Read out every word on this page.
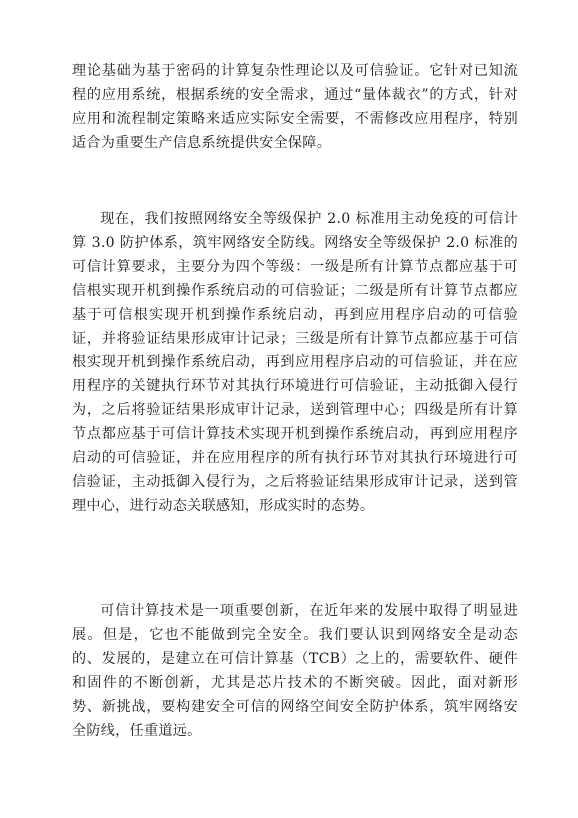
理论基础为基于密码的计算复杂性理论以及可信验证。它针对已知流程的应用系统，根据系统的安全需求，通过“量体裁衣”的方式，针对应用和流程制定策略来适应实际安全需要，不需修改应用程序，特别适合为重要生产信息系统提供安全保障。

现在，我们按照网络安全等级保护 2.0 标准用主动免疫的可信计算 3.0 防护体系，筑牢网络安全防线。网络安全等级保护 2.0 标准的可信计算要求，主要分为四个等级：一级是所有计算节点都应基于可信根实现开机到操作系统启动的可信验证；二级是所有计算节点都应基于可信根实现开机到操作系统启动，再到应用程序启动的可信验证，并将验证结果形成审计记录；三级是所有计算节点都应基于可信根实现开机到操作系统启动，再到应用程序启动的可信验证，并在应用程序的关键执行环节对其执行环境进行可信验证，主动抵御入侵行为，之后将验证结果形成审计记录，送到管理中心；四级是所有计算节点都应基于可信计算技术实现开机到操作系统启动，再到应用程序启动的可信验证，并在应用程序的所有执行环节对其执行环境进行可信验证，主动抵御入侵行为，之后将验证结果形成审计记录，送到管理中心，进行动态关联感知，形成实时的态势。

可信计算技术是一项重要创新，在近年来的发展中取得了明显进展。但是，它也不能做到完全安全。我们要认识到网络安全是动态的、发展的，是建立在可信计算基（TCB）之上的，需要软件、硬件和固件的不断创新，尤其是芯片技术的不断突破。因此，面对新形势、新挑战，要构建安全可信的网络空间安全防护体系，筑牢网络安全防线，任重道远。
